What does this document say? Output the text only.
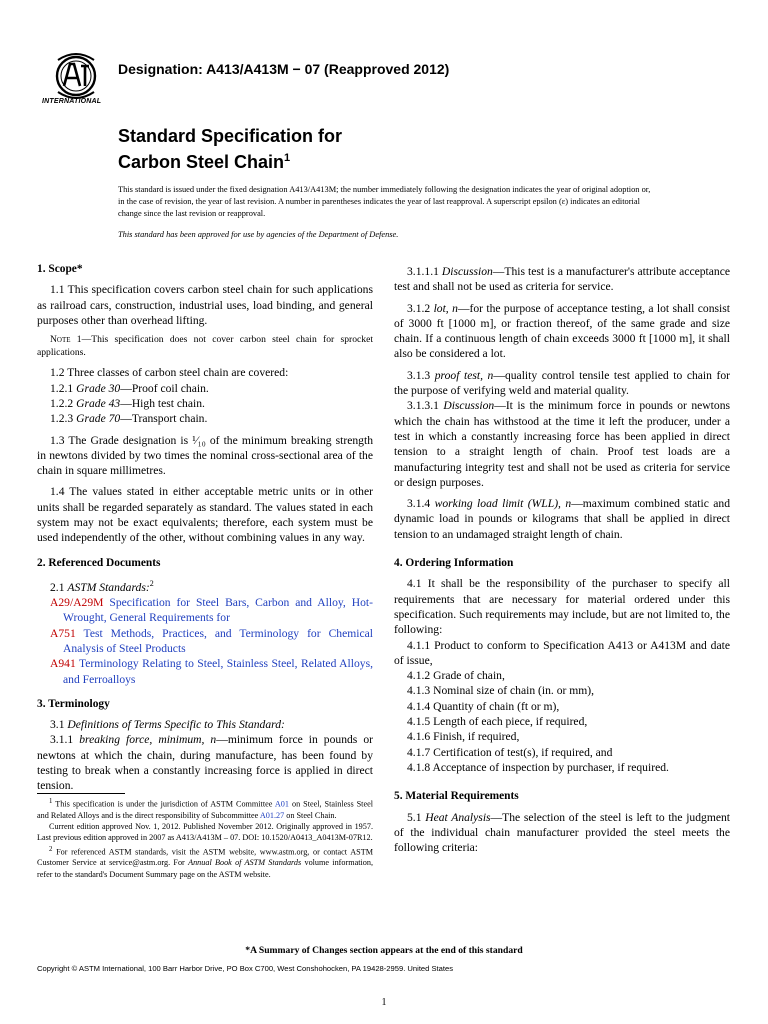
INTERNATIONAL
Designation: A413/A413M − 07 (Reapproved 2012)
Standard Specification for
Carbon Steel Chain$^1$
This standard is issued under the fixed designation A413/A413M; the number immediately following the designation indicates the year of original adoption or, in the case of revision, the year of last revision. A number in parentheses indicates the year of last reapproval. A superscript epsilon (ε) indicates an editorial change since the last revision or reapproval.
This standard has been approved for use by agencies of the Department of Defense.
1. Scope*

1.1 This specification covers carbon steel chain for such applications as railroad cars, construction, industrial uses, load binding, and general purposes other than overhead lifting.

Note 1—This specification does not cover carbon steel chain for sprocket applications.

1.2 Three classes of carbon steel chain are covered:

1.2.1 Grade 30—Proof coil chain.

1.2.2 Grade 43—High test chain.

1.2.3 Grade 70—Transport chain.

1.3 The Grade designation is ¹⁄₁₀ of the minimum breaking strength in newtons divided by two times the nominal cross-sectional area of the chain in square millimetres.

1.4 The values stated in either acceptable metric units or in other units shall be regarded separately as standard. The values stated in each system may not be exact equivalents; therefore, each system must be used independently of the other, without combining values in any way.

2. Referenced Documents

2.1 ASTM Standards:$^2$

A29/A29M Specification for Steel Bars, Carbon and Alloy, Hot-Wrought, General Requirements for

A751 Test Methods, Practices, and Terminology for Chemical Analysis of Steel Products

A941 Terminology Relating to Steel, Stainless Steel, Related Alloys, and Ferroalloys

3. Terminology

3.1 Definitions of Terms Specific to This Standard:

3.1.1 breaking force, minimum, n—minimum force in pounds or newtons at which the chain, during manufacture, has been found by testing to break when a constantly increasing force is applied in direct tension.

$^1$ This specification is under the jurisdiction of ASTM Committee A01 on Steel, Stainless Steel and Related Alloys and is the direct responsibility of Subcommittee A01.27 on Steel Chain.

Current edition approved Nov. 1, 2012. Published November 2012. Originally approved in 1957. Last previous edition approved in 2007 as A413/A413M – 07. DOI: 10.1520/A0413_A0413M-07R12.

$^2$ For referenced ASTM standards, visit the ASTM website, www.astm.org, or contact ASTM Customer Service at service@astm.org. For Annual Book of ASTM Standards volume information, refer to the standard's Document Summary page on the ASTM website.

3.1.1.1 Discussion—This test is a manufacturer's attribute acceptance test and shall not be used as criteria for service.

3.1.2 lot, n—for the purpose of acceptance testing, a lot shall consist of 3000 ft [1000 m], or fraction thereof, of the same grade and size chain. If a continuous length of chain exceeds 3000 ft [1000 m], it shall also be considered a lot.

3.1.3 proof test, n—quality control tensile test applied to chain for the purpose of verifying weld and material quality.

3.1.3.1 Discussion—It is the minimum force in pounds or newtons which the chain has withstood at the time it left the producer, under a test in which a constantly increasing force has been applied in direct tension to a straight length of chain. Proof test loads are a manufacturing integrity test and shall not be used as criteria for service or design purposes.

3.1.4 working load limit (WLL), n—maximum combined static and dynamic load in pounds or kilograms that shall be applied in direct tension to an undamaged straight length of chain.

4. Ordering Information

4.1 It shall be the responsibility of the purchaser to specify all requirements that are necessary for material ordered under this specification. Such requirements may include, but are not limited to, the following:

4.1.1 Product to conform to Specification A413 or A413M and date of issue,

4.1.2 Grade of chain,

4.1.3 Nominal size of chain (in. or mm),

4.1.4 Quantity of chain (ft or m),

4.1.5 Length of each piece, if required,

4.1.6 Finish, if required,

4.1.7 Certification of test(s), if required, and

4.1.8 Acceptance of inspection by purchaser, if required.

5. Material Requirements

5.1 Heat Analysis—The selection of the steel is left to the judgment of the individual chain manufacturer provided the steel meets the following criteria:

*A Summary of Changes section appears at the end of this standard
Copyright © ASTM International, 100 Barr Harbor Drive, PO Box C700, West Conshohocken, PA 19428-2959. United States
1
